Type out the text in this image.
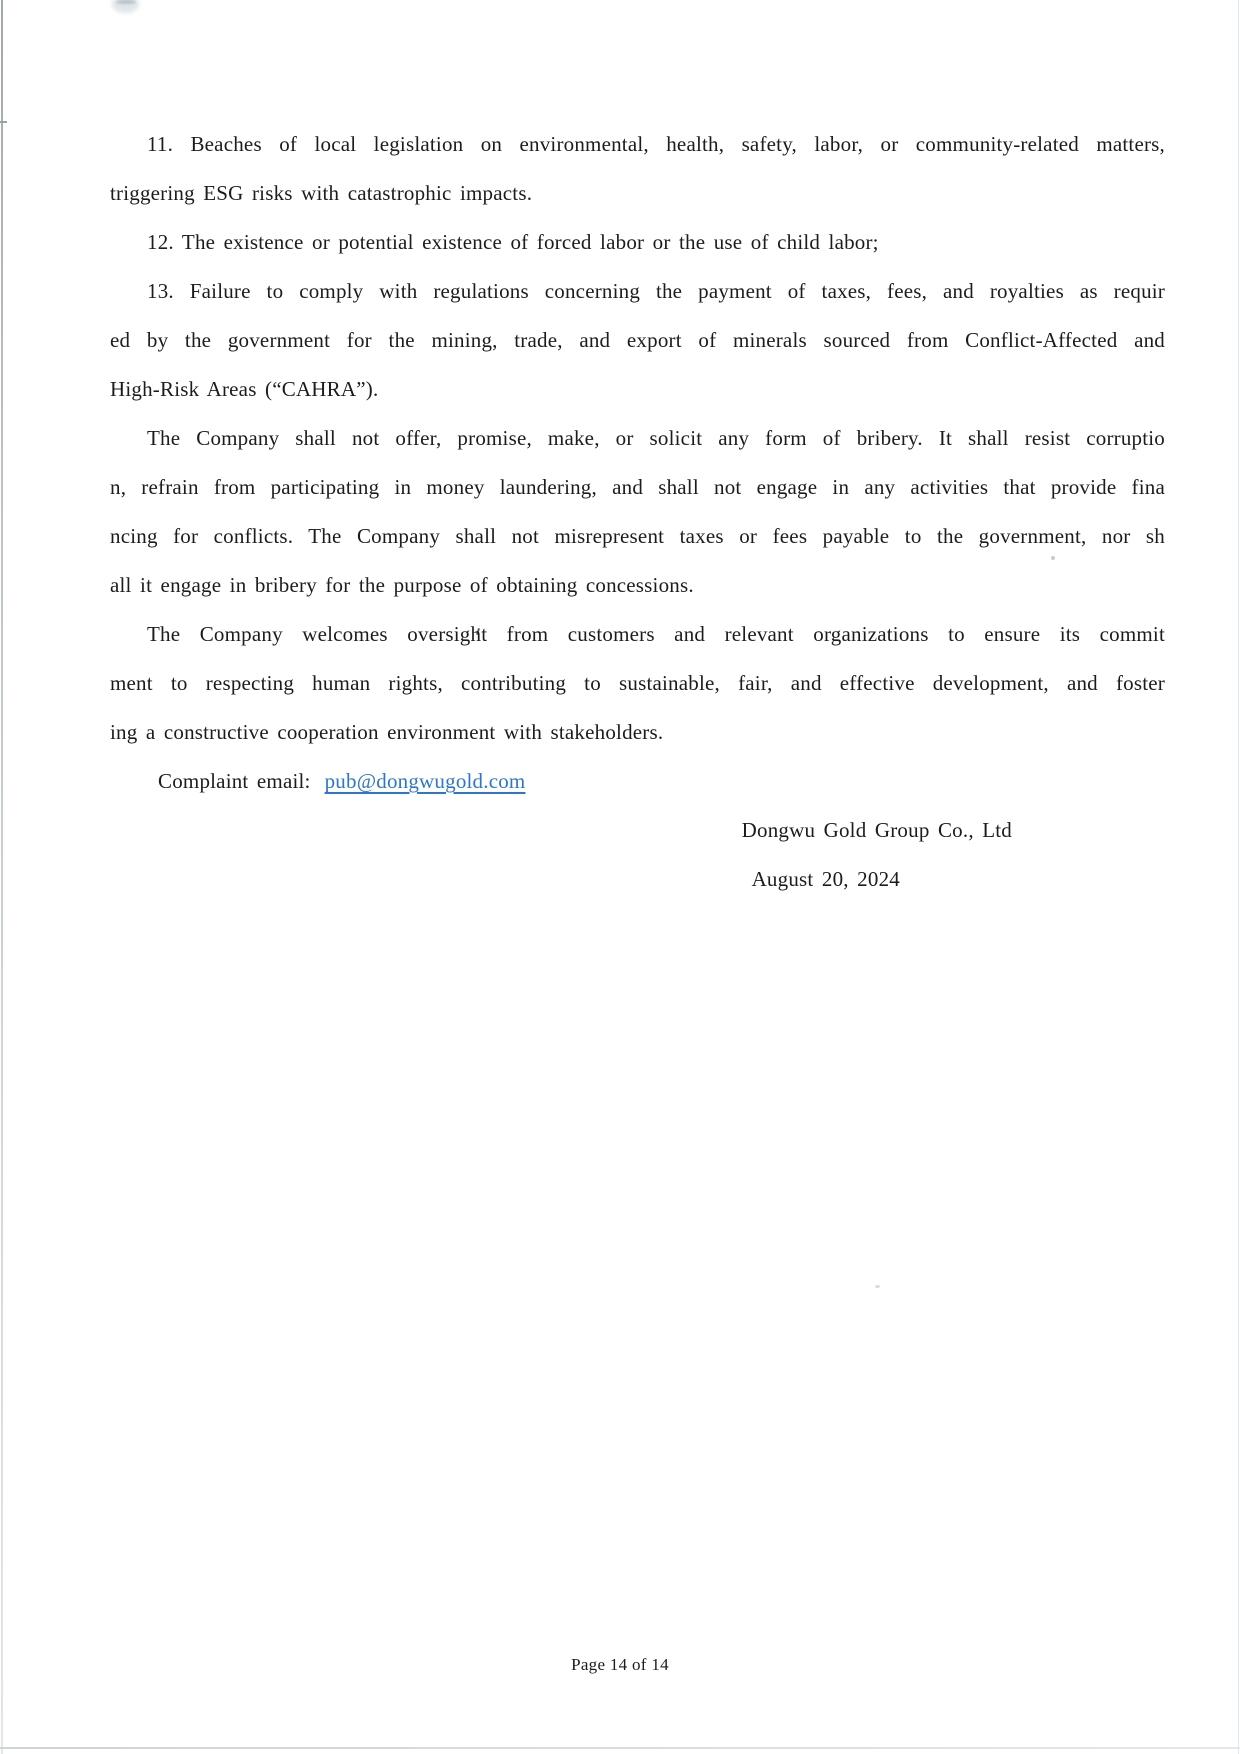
11. Beaches of local legislation on environmental, health, safety, labor, or community-related matters,
triggering ESG risks with catastrophic impacts.
12. The existence or potential existence of forced labor or the use of child labor;
13. Failure to comply with regulations concerning the payment of taxes, fees, and royalties as requir
ed by the government for the mining, trade, and export of minerals sourced from Conflict-Affected and
High-Risk Areas (“CAHRA”).
The Company shall not offer, promise, make, or solicit any form of bribery. It shall resist corruptio
n, refrain from participating in money laundering, and shall not engage in any activities that provide fina
ncing for conflicts. The Company shall not misrepresent taxes or fees payable to the government, nor sh
all it engage in bribery for the purpose of obtaining concessions.
The Company welcomes oversight from customers and relevant organizations to ensure its commit
ment to respecting human rights, contributing to sustainable, fair, and effective development, and foster
ing a constructive cooperation environment with stakeholders.
Complaint email: pub@dongwugold.com
Dongwu Gold Group Co., Ltd
August 20, 2024
Page 14 of 14
